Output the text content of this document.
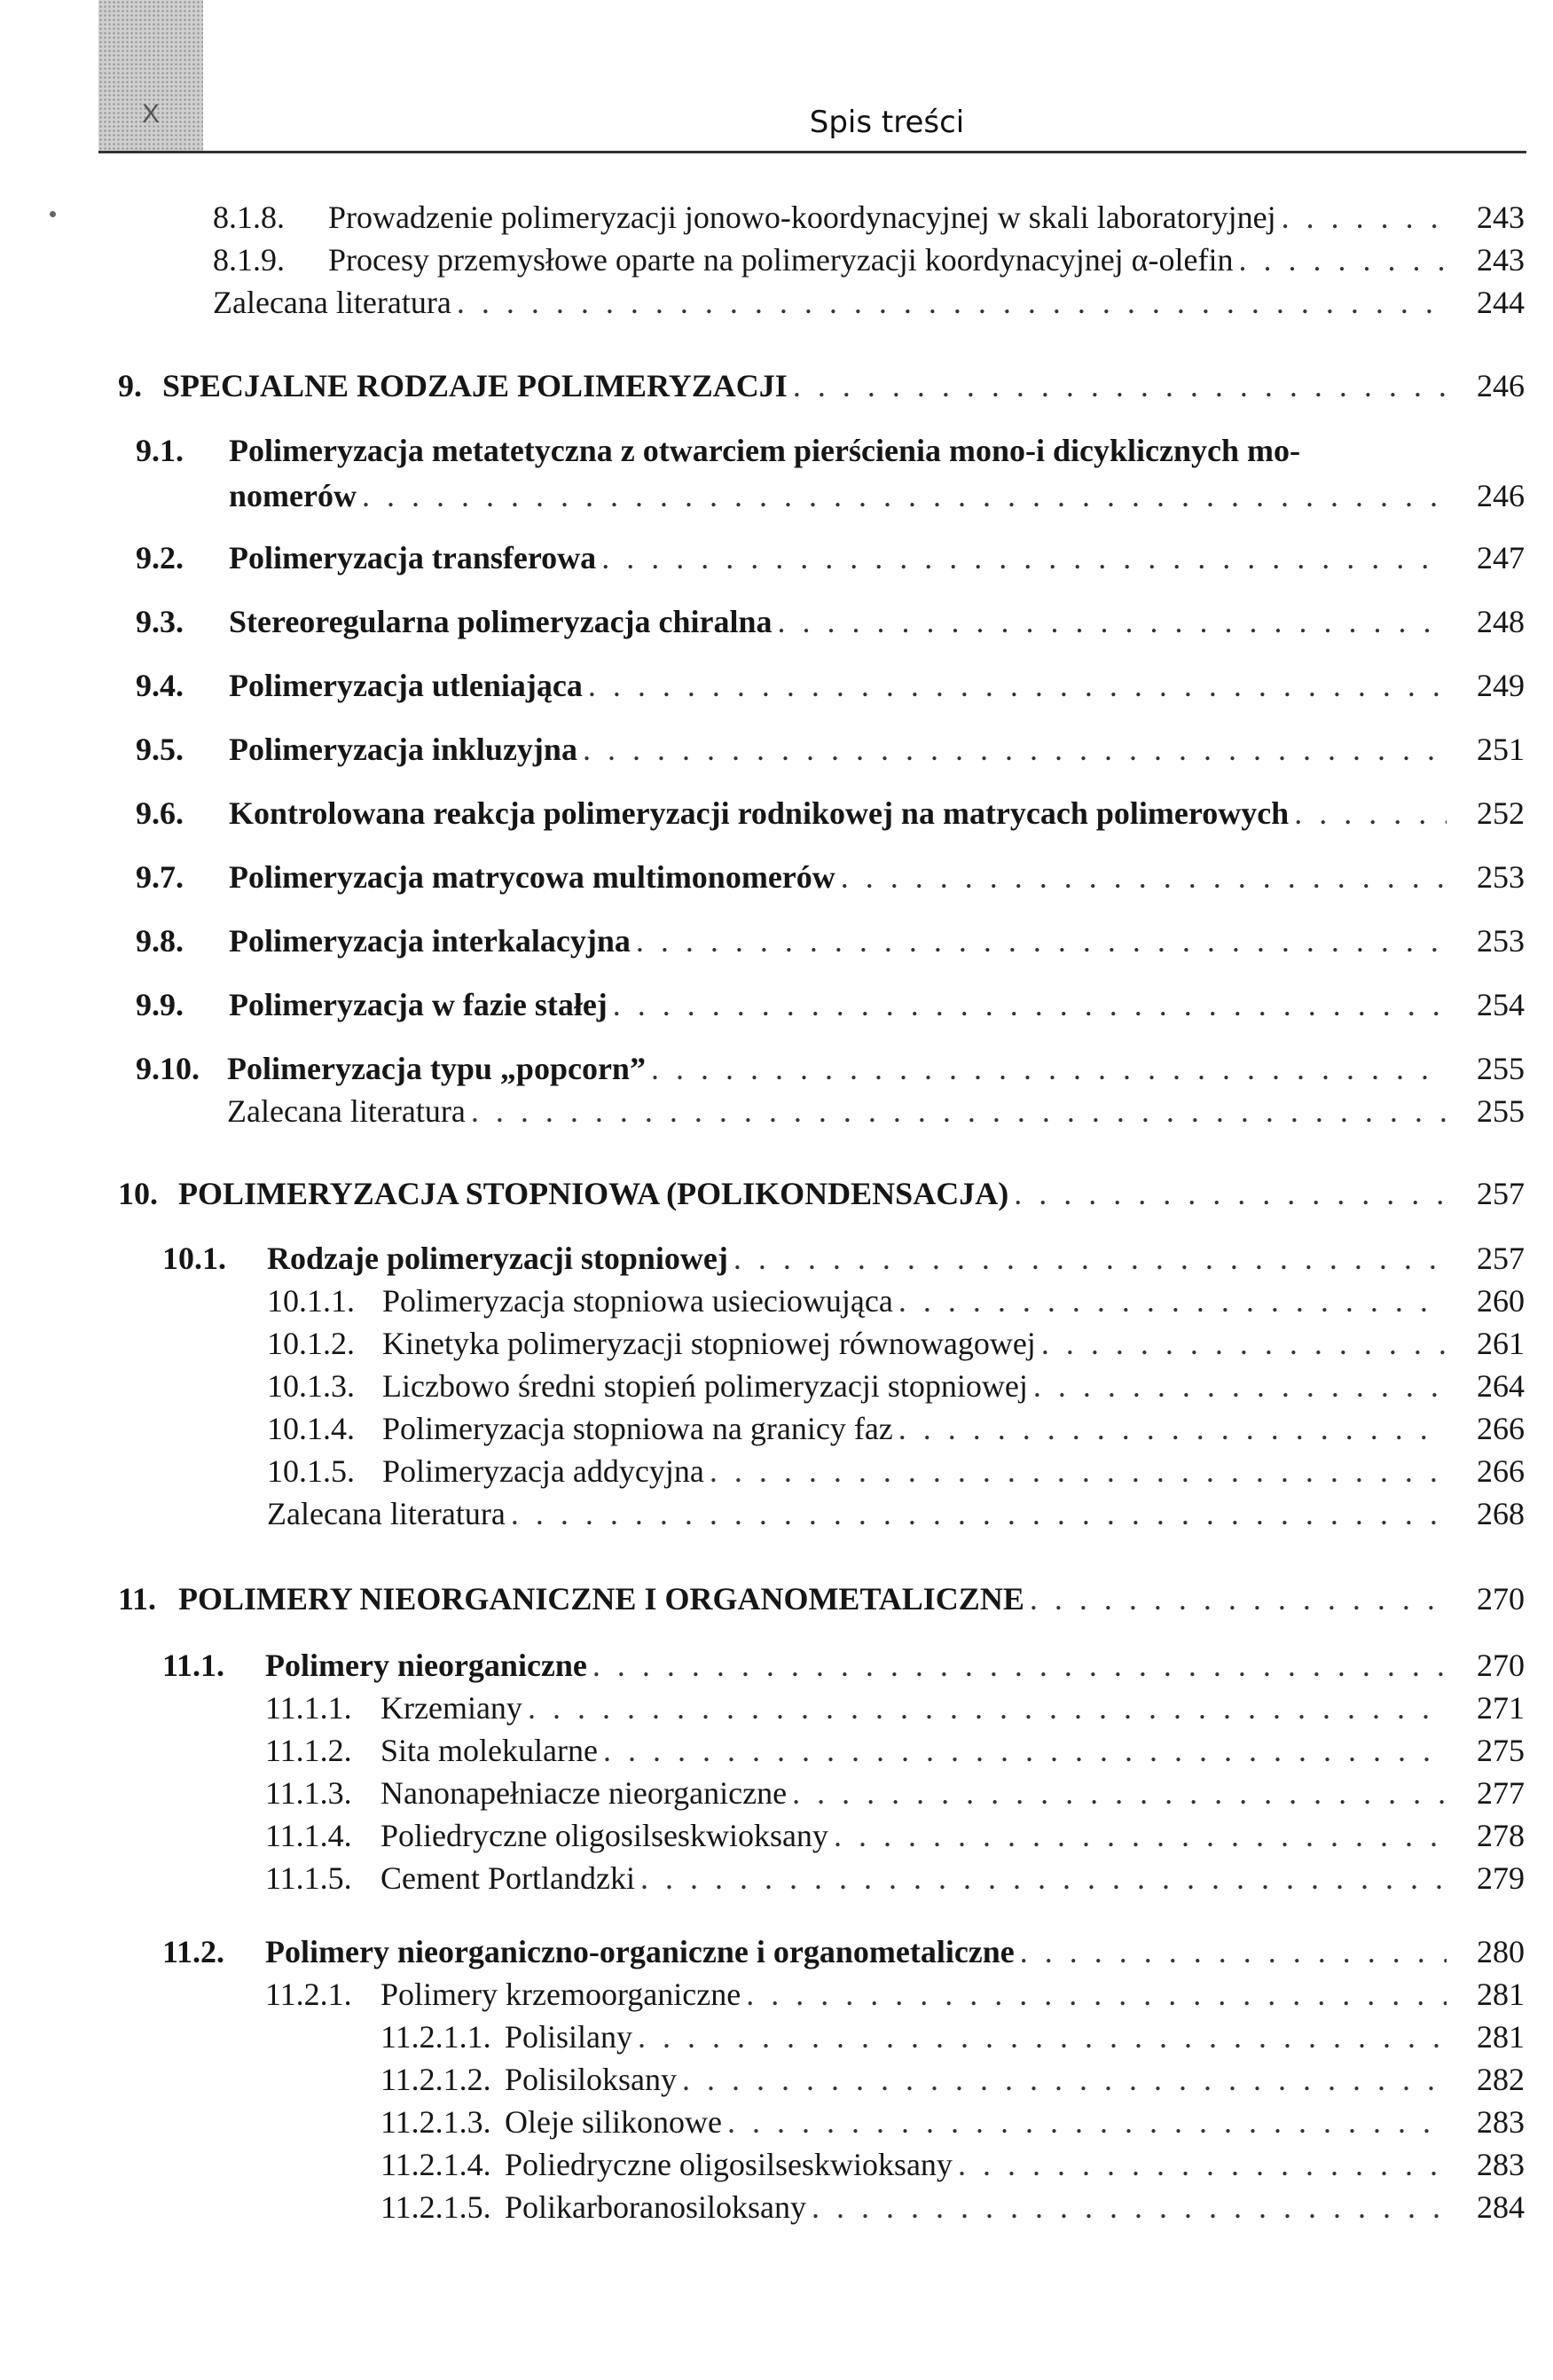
X	Spis treści
8.1.8.	Prowadzenie polimeryzacji jonowo-koordynacyjnej w skali laboratoryjnej . . .	243
8.1.9.	Procesy przemysłowe oparte na polimeryzacji koordynacyjnej α-olefin . . .	243
Zalecana literatura . . .	244
9. SPECJALNE RODZAJE POLIMERYZACJI . . .	246
9.1. Polimeryzacja metatetyczna z otwarciem pierścienia mono-i dicyklicznych mo-
nomerów . . .	246
9.2.	Polimeryzacja transferowa . . .	247
9.3.	Stereoregularna polimeryzacja chiralna . . .	248
9.4.	Polimeryzacja utleniająca . . .	249
9.5.	Polimeryzacja inkluzyjna . . .	251
9.6.	Kontrolowana reakcja polimeryzacji rodnikowej na matrycach polimerowych . . .	252
9.7.	Polimeryzacja matrycowa multimonomerów . . .	253
9.8.	Polimeryzacja interkalacyjna . . .	253
9.9.	Polimeryzacja w fazie stałej . . .	254
9.10. Polimeryzacja typu „popcorn” . . .	255
Zalecana literatura . . .	255
10. POLIMERYZACJA STOPNIOWA (POLIKONDENSACJA) . . .	257
10.1.	Rodzaje polimeryzacji stopniowej . . .	257
10.1.1. Polimeryzacja stopniowa usieciowująca . . .	260
10.1.2. Kinetyka polimeryzacji stopniowej równowagowej . . .	261
10.1.3. Liczbowo średni stopień polimeryzacji stopniowej . . .	264
10.1.4. Polimeryzacja stopniowa na granicy faz . . .	266
10.1.5. Polimeryzacja addycyjna . . .	266
Zalecana literatura . . .	268
11. POLIMERY NIEORGANICZNE I ORGANOMETALICZNE . . .	270
11.1.	Polimery nieorganiczne . . .	270
11.1.1. Krzemiany . . .	271
11.1.2. Sita molekularne . . .	275
11.1.3. Nanonapełniacze nieorganiczne . . .	277
11.1.4. Poliedryczne oligosilseskwioksany . . .	278
11.1.5. Cement Portlandzki . . .	279
11.2.	Polimery nieorganiczno-organiczne i organometaliczne . . .	280
11.2.1. Polimery krzemoorganiczne . . .	281
11.2.1.1. Polisilany . . .	281
11.2.1.2. Polisiloksany . . .	282
11.2.1.3. Oleje silikonowe . . .	283
11.2.1.4. Poliedryczne oligosilseskwioksany . . .	283
11.2.1.5. Polikarboranosiloksany . . .	284
